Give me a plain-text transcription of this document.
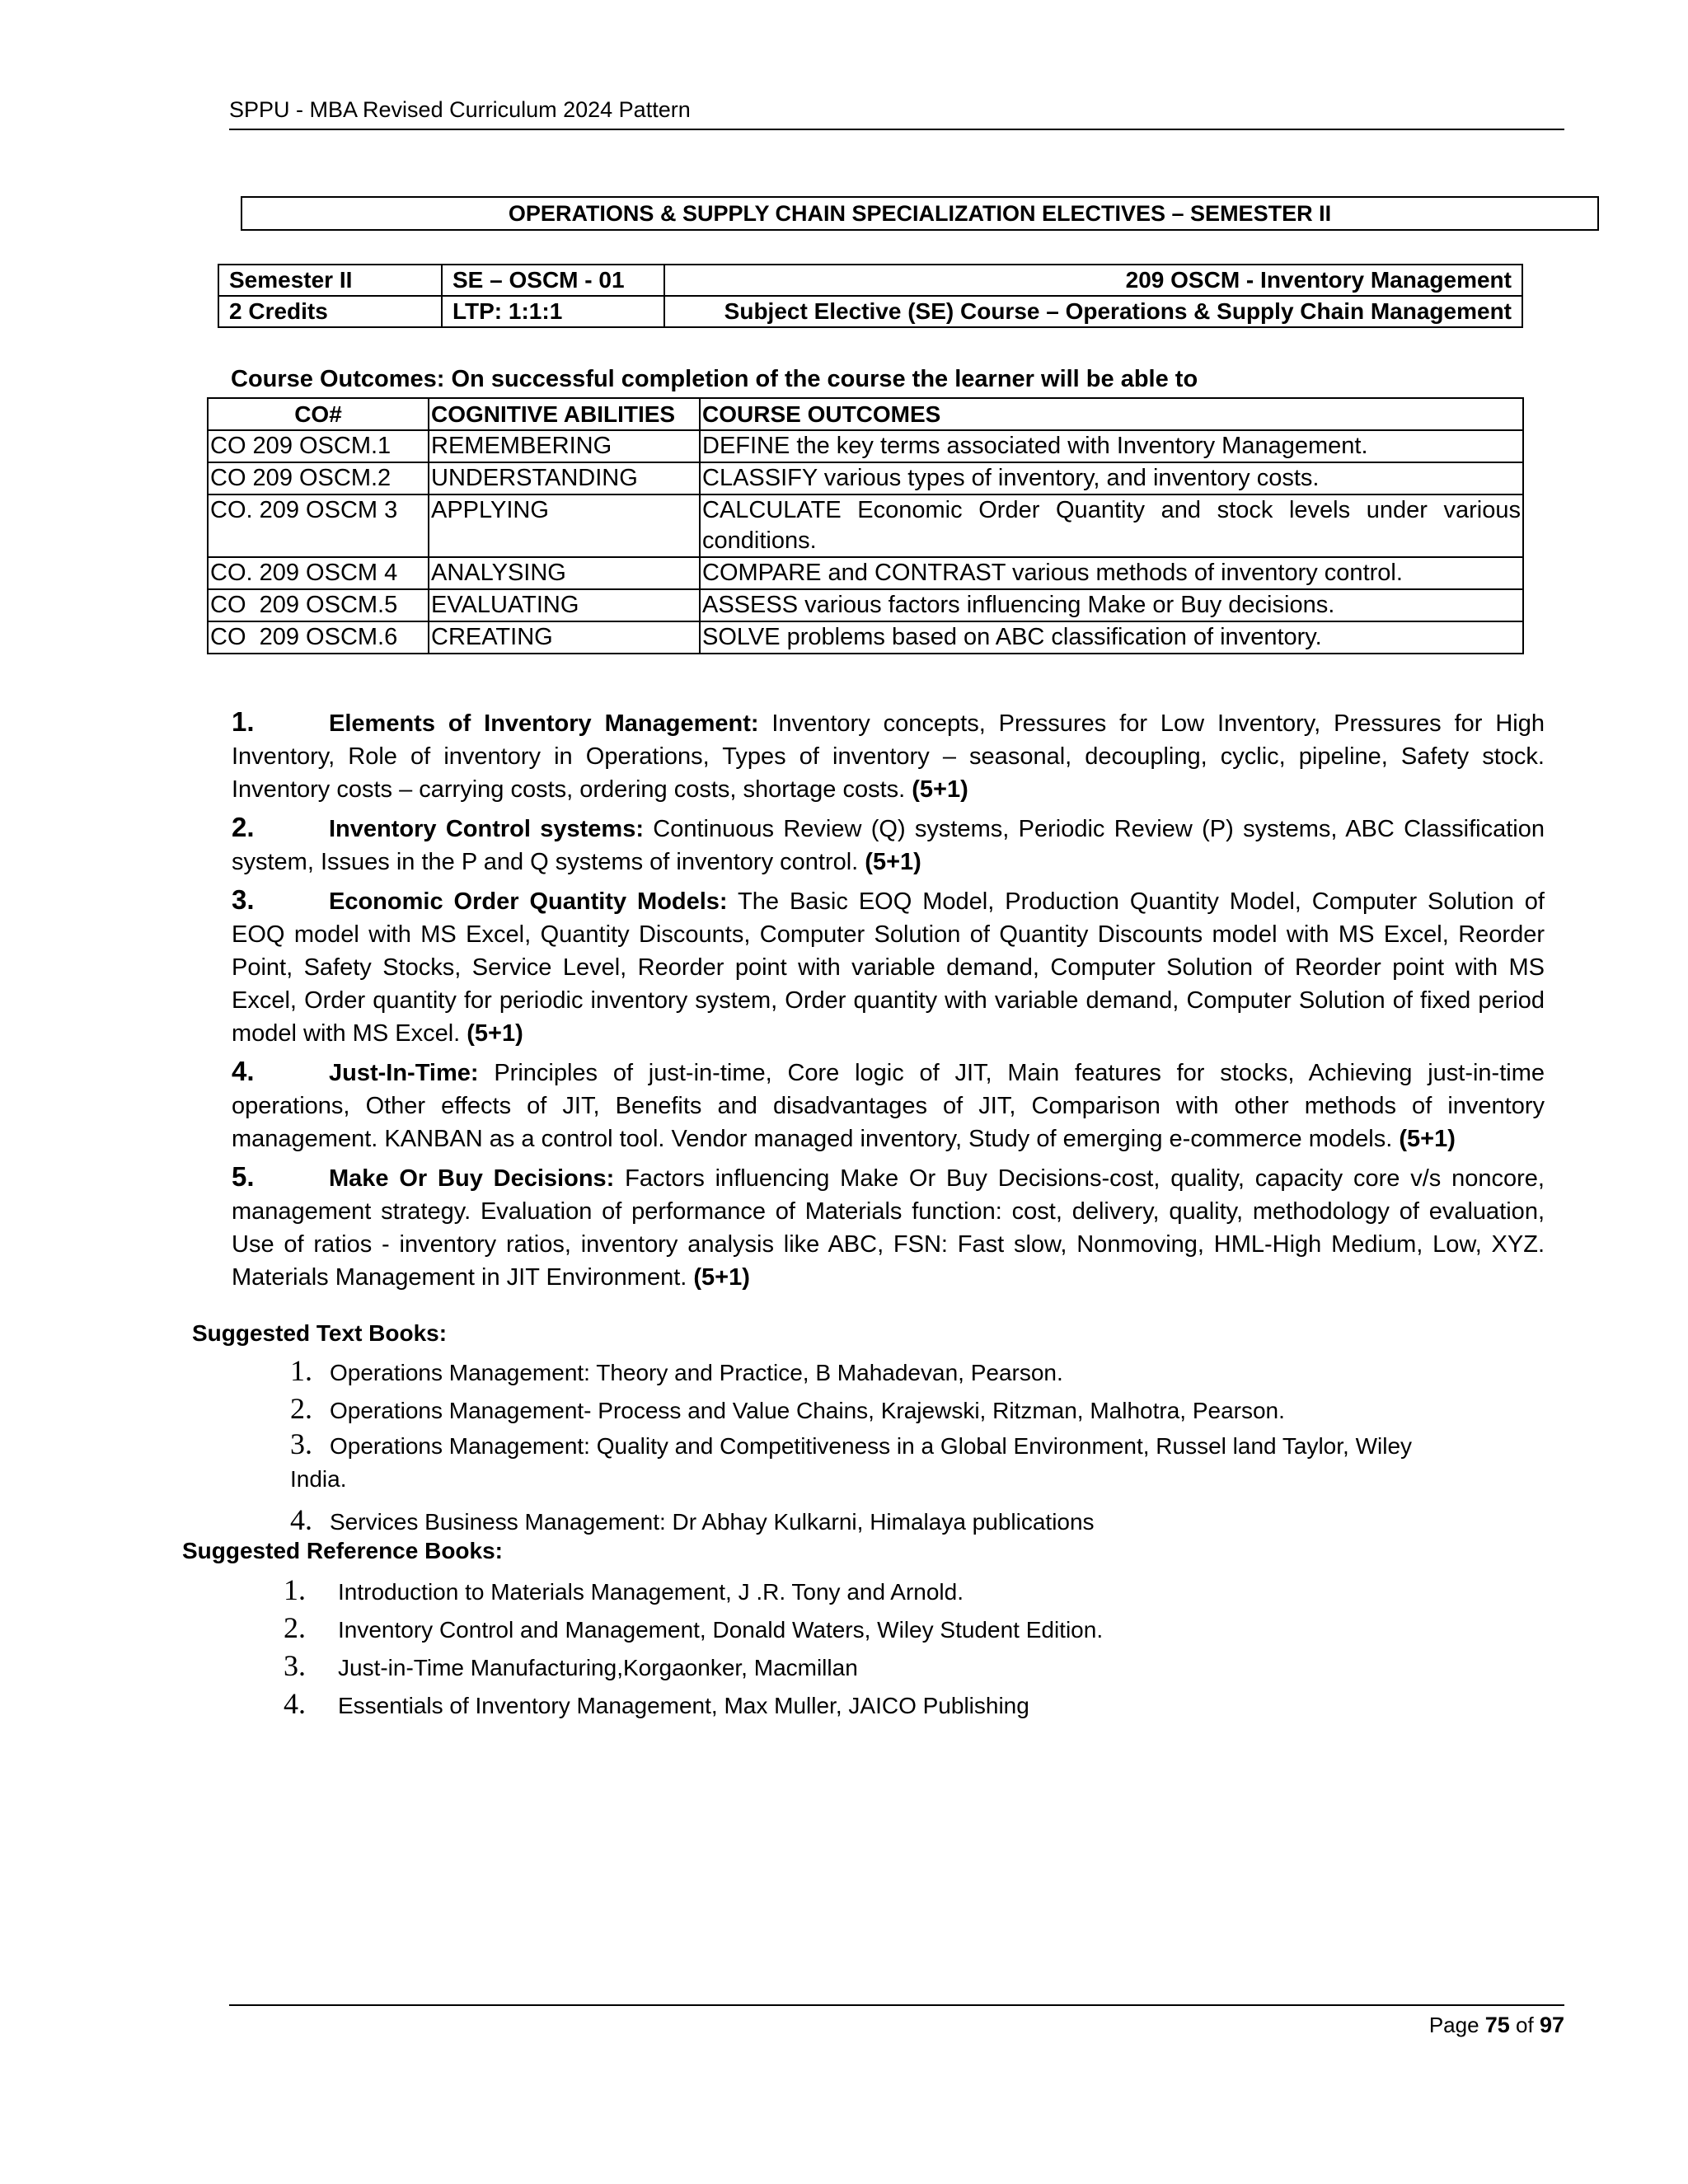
SPPU - MBA Revised Curriculum 2024 Pattern
OPERATIONS & SUPPLY CHAIN SPECIALIZATION ELECTIVES – SEMESTER II
Semester II	SE – OSCM - 01	209 OSCM - Inventory Management
2 Credits	LTP: 1:1:1	Subject Elective (SE) Course – Operations & Supply Chain Management
Course Outcomes: On successful completion of the course the learner will be able to
CO#	COGNITIVE ABILITIES	COURSE OUTCOMES
CO 209 OSCM.1	REMEMBERING	DEFINE the key terms associated with Inventory Management.
CO 209 OSCM.2	UNDERSTANDING	CLASSIFY various types of inventory, and inventory costs.
CO. 209 OSCM 3	APPLYING	CALCULATE Economic Order Quantity and stock levels under various conditions.
CO. 209 OSCM 4	ANALYSING	COMPARE and CONTRAST various methods of inventory control.
CO  209 OSCM.5	EVALUATING	ASSESS various factors influencing Make or Buy decisions.
CO  209 OSCM.6	CREATING	SOLVE problems based on ABC classification of inventory.
1.	Elements of Inventory Management: Inventory concepts, Pressures for Low Inventory, Pressures for High Inventory, Role of inventory in Operations, Types of inventory – seasonal, decoupling, cyclic, pipeline, Safety stock. Inventory costs – carrying costs, ordering costs, shortage costs. (5+1)
2.	Inventory Control systems: Continuous Review (Q) systems, Periodic Review (P) systems, ABC Classification system, Issues in the P and Q systems of inventory control. (5+1)
3.	Economic Order Quantity Models: The Basic EOQ Model, Production Quantity Model, Computer Solution of EOQ model with MS Excel, Quantity Discounts, Computer Solution of Quantity Discounts model with MS Excel, Reorder Point, Safety Stocks, Service Level, Reorder point with variable demand, Computer Solution of Reorder point with MS Excel, Order quantity for periodic inventory system, Order quantity with variable demand, Computer Solution of fixed period model with MS Excel. (5+1)
4.	Just-In-Time: Principles of just-in-time, Core logic of JIT, Main features for stocks, Achieving just-in-time operations, Other effects of JIT, Benefits and disadvantages of JIT, Comparison with other methods of inventory management. KANBAN as a control tool. Vendor managed inventory, Study of emerging e-commerce models. (5+1)
5.	Make Or Buy Decisions: Factors influencing Make Or Buy Decisions-cost, quality, capacity core v/s noncore, management strategy. Evaluation of performance of Materials function: cost, delivery, quality, methodology of evaluation, Use of ratios - inventory ratios, inventory analysis like ABC, FSN: Fast slow, Nonmoving, HML-High Medium, Low, XYZ. Materials Management in JIT Environment. (5+1)
Suggested Text Books:
1. Operations Management: Theory and Practice, B Mahadevan, Pearson.
2. Operations Management- Process and Value Chains, Krajewski, Ritzman, Malhotra, Pearson.
3. Operations Management: Quality and Competitiveness in a Global Environment, Russel land Taylor, Wiley India.
4. Services Business Management: Dr Abhay Kulkarni, Himalaya publications
Suggested Reference Books:
1. Introduction to Materials Management, J .R. Tony and Arnold.
2. Inventory Control and Management, Donald Waters, Wiley Student Edition.
3. Just-in-Time Manufacturing,Korgaonker, Macmillan
4. Essentials of Inventory Management, Max Muller, JAICO Publishing
Page 75 of 97
